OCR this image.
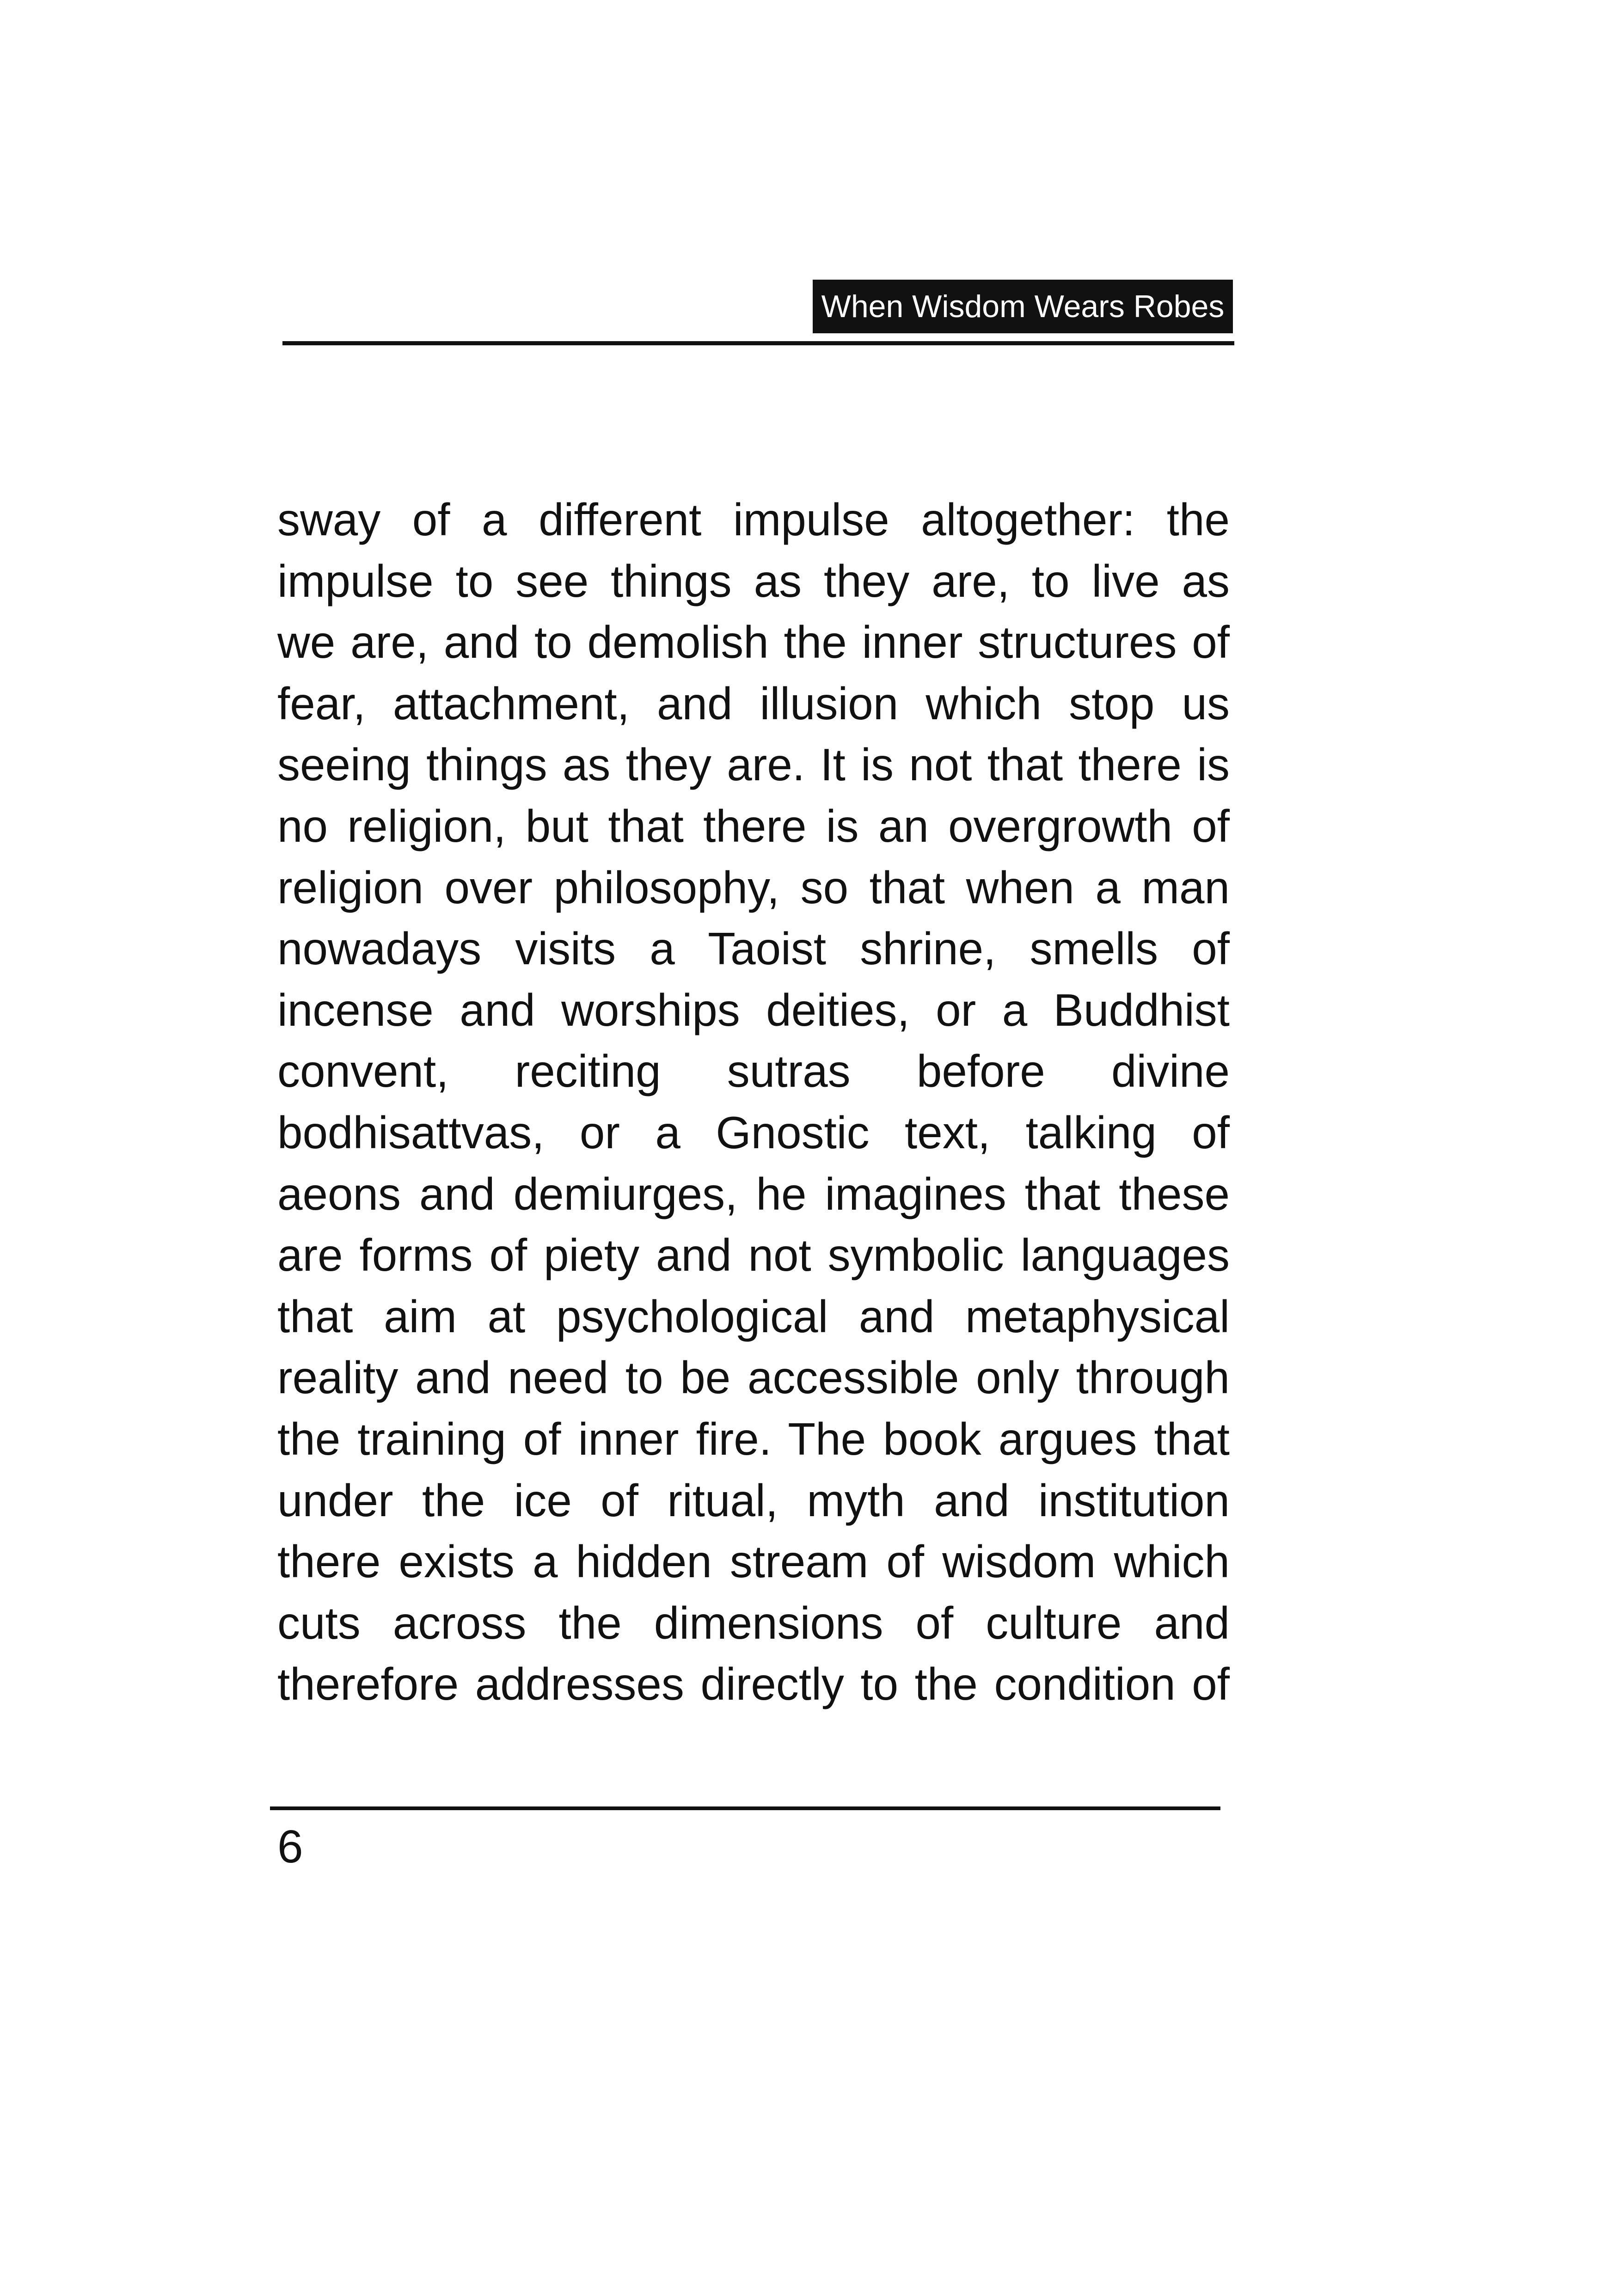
When Wisdom Wears Robes
sway of a different impulse altogether: the
impulse to see things as they are, to live as
we are, and to demolish the inner structures of
fear, attachment, and illusion which stop us
seeing things as they are. It is not that there is
no religion, but that there is an overgrowth of
religion over philosophy, so that when a man
nowadays visits a Taoist shrine, smells of
incense and worships deities, or a Buddhist
convent, reciting sutras before divine
bodhisattvas, or a Gnostic text, talking of
aeons and demiurges, he imagines that these
are forms of piety and not symbolic languages
that aim at psychological and metaphysical
reality and need to be accessible only through
the training of inner fire. The book argues that
under the ice of ritual, myth and institution
there exists a hidden stream of wisdom which
cuts across the dimensions of culture and
therefore addresses directly to the condition of
6
